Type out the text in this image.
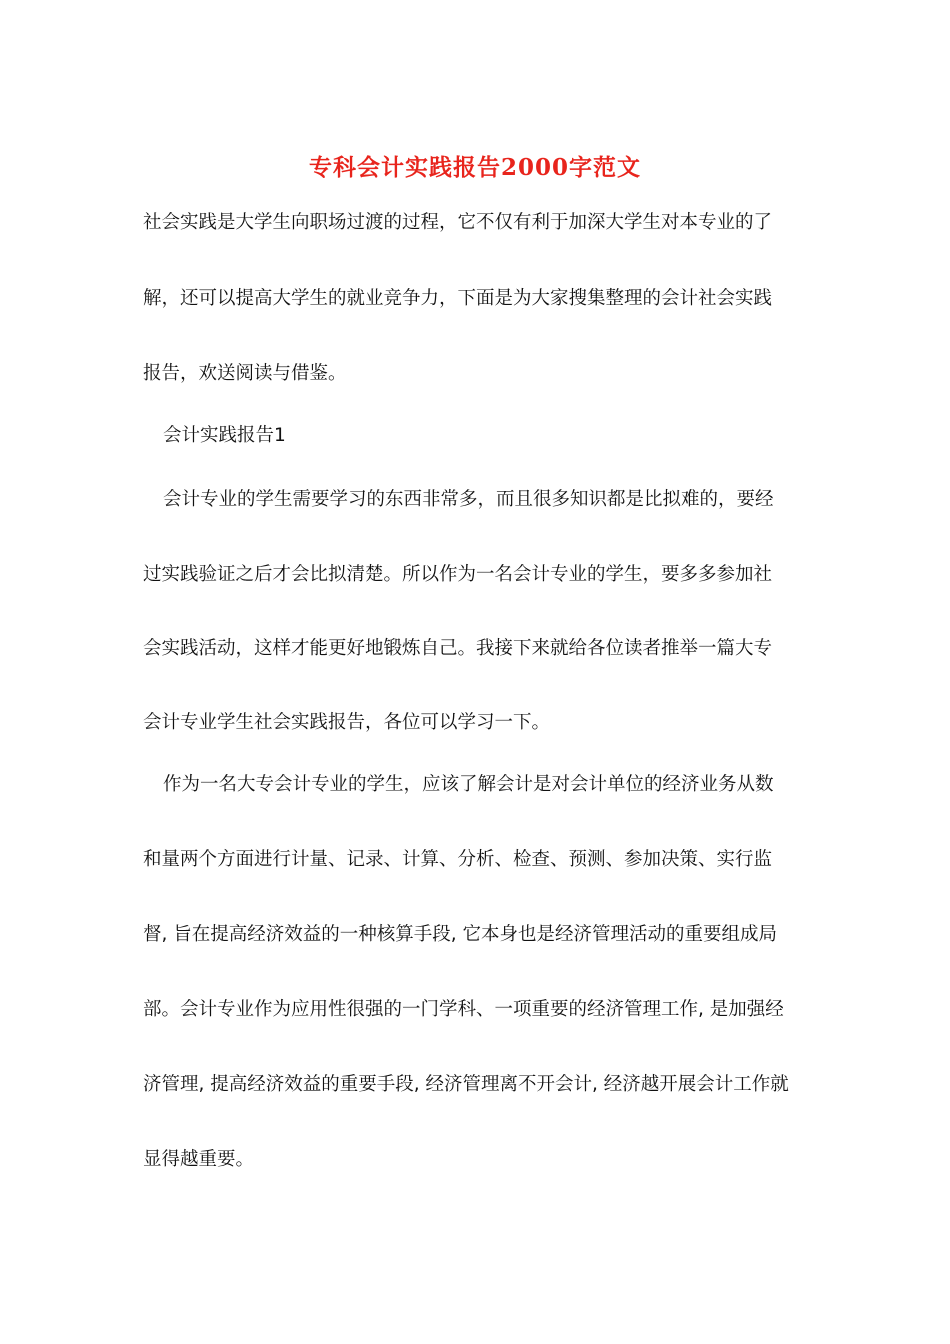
专科会计实践报告2000字范文
社会实践是大学生向职场过渡的过程，它不仅有利于加深大学生对本专业的了
解，还可以提高大学生的就业竞争力，下面是为大家搜集整理的会计社会实践
报告，欢送阅读与借鉴。
会计实践报告1
会计专业的学生需要学习的东西非常多，而且很多知识都是比拟难的，要经
过实践验证之后才会比拟清楚。所以作为一名会计专业的学生，要多多参加社
会实践活动，这样才能更好地锻炼自己。我接下来就给各位读者推举一篇大专
会计专业学生社会实践报告，各位可以学习一下。
作为一名大专会计专业的学生，应该了解会计是对会计单位的经济业务从数
和量两个方面进行计量、记录、计算、分析、检查、预测、参加决策、实行监
督, 旨在提高经济效益的一种核算手段, 它本身也是经济管理活动的重要组成局
部。会计专业作为应用性很强的一门学科、一项重要的经济管理工作, 是加强经
济管理, 提高经济效益的重要手段, 经济管理离不开会计, 经济越开展会计工作就
显得越重要。
